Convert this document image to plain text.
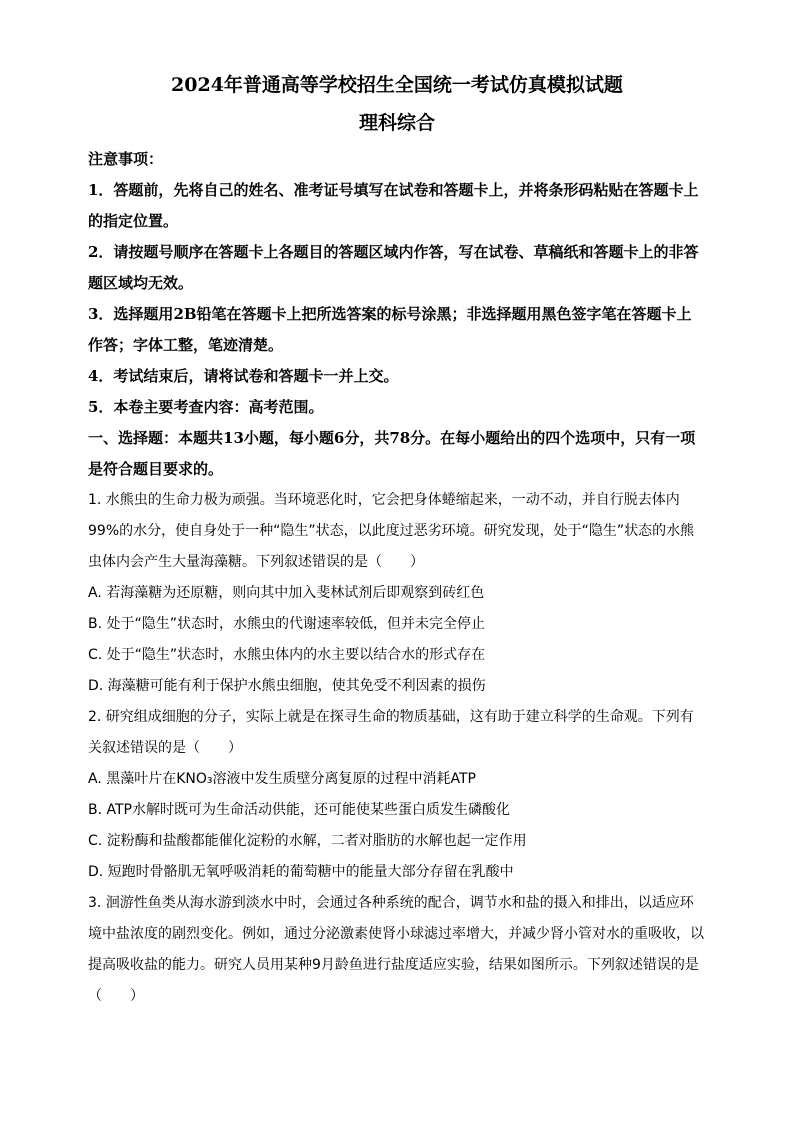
2024年普通高等学校招生全国统一考试仿真模拟试题
理科综合

注意事项：

1．答题前，先将自己的姓名、准考证号填写在试卷和答题卡上，并将条形码粘贴在答题卡上的指定位置。

2．请按题号顺序在答题卡上各题目的答题区域内作答，写在试卷、草稿纸和答题卡上的非答题区域均无效。

3．选择题用2B铅笔在答题卡上把所选答案的标号涂黑；非选择题用黑色签字笔在答题卡上作答；字体工整，笔迹清楚。

4．考试结束后，请将试卷和答题卡一并上交。

5．本卷主要考查内容：高考范围。

一、选择题：本题共13小题，每小题6分，共78分。在每小题给出的四个选项中，只有一项是符合题目要求的。

1. 水熊虫的生命力极为顽强。当环境恶化时，它会把身体蜷缩起来，一动不动，并自行脱去体内99%的水分，使自身处于一种“隐生”状态，以此度过恶劣环境。研究发现，处于“隐生”状态的水熊虫体内会产生大量海藻糖。下列叙述错误的是（　　）

A. 若海藻糖为还原糖，则向其中加入斐林试剂后即观察到砖红色

B. 处于“隐生”状态时，水熊虫的代谢速率较低，但并未完全停止

C. 处于“隐生”状态时，水熊虫体内的水主要以结合水的形式存在

D. 海藻糖可能有利于保护水熊虫细胞，使其免受不利因素的损伤

2. 研究组成细胞的分子，实际上就是在探寻生命的物质基础，这有助于建立科学的生命观。下列有关叙述错误的是（　　）

A. 黑藻叶片在KNO₃溶液中发生质壁分离复原的过程中消耗ATP

B. ATP水解时既可为生命活动供能，还可能使某些蛋白质发生磷酸化

C. 淀粉酶和盐酸都能催化淀粉的水解，二者对脂肪的水解也起一定作用

D. 短跑时骨骼肌无氧呼吸消耗的葡萄糖中的能量大部分存留在乳酸中

3. 洄游性鱼类从海水游到淡水中时，会通过各种系统的配合，调节水和盐的摄入和排出，以适应环境中盐浓度的剧烈变化。例如，通过分泌激素使肾小球滤过率增大，并减少肾小管对水的重吸收，以提高吸收盐的能力。研究人员用某种9月龄鱼进行盐度适应实验，结果如图所示。下列叙述错误的是（　　）
